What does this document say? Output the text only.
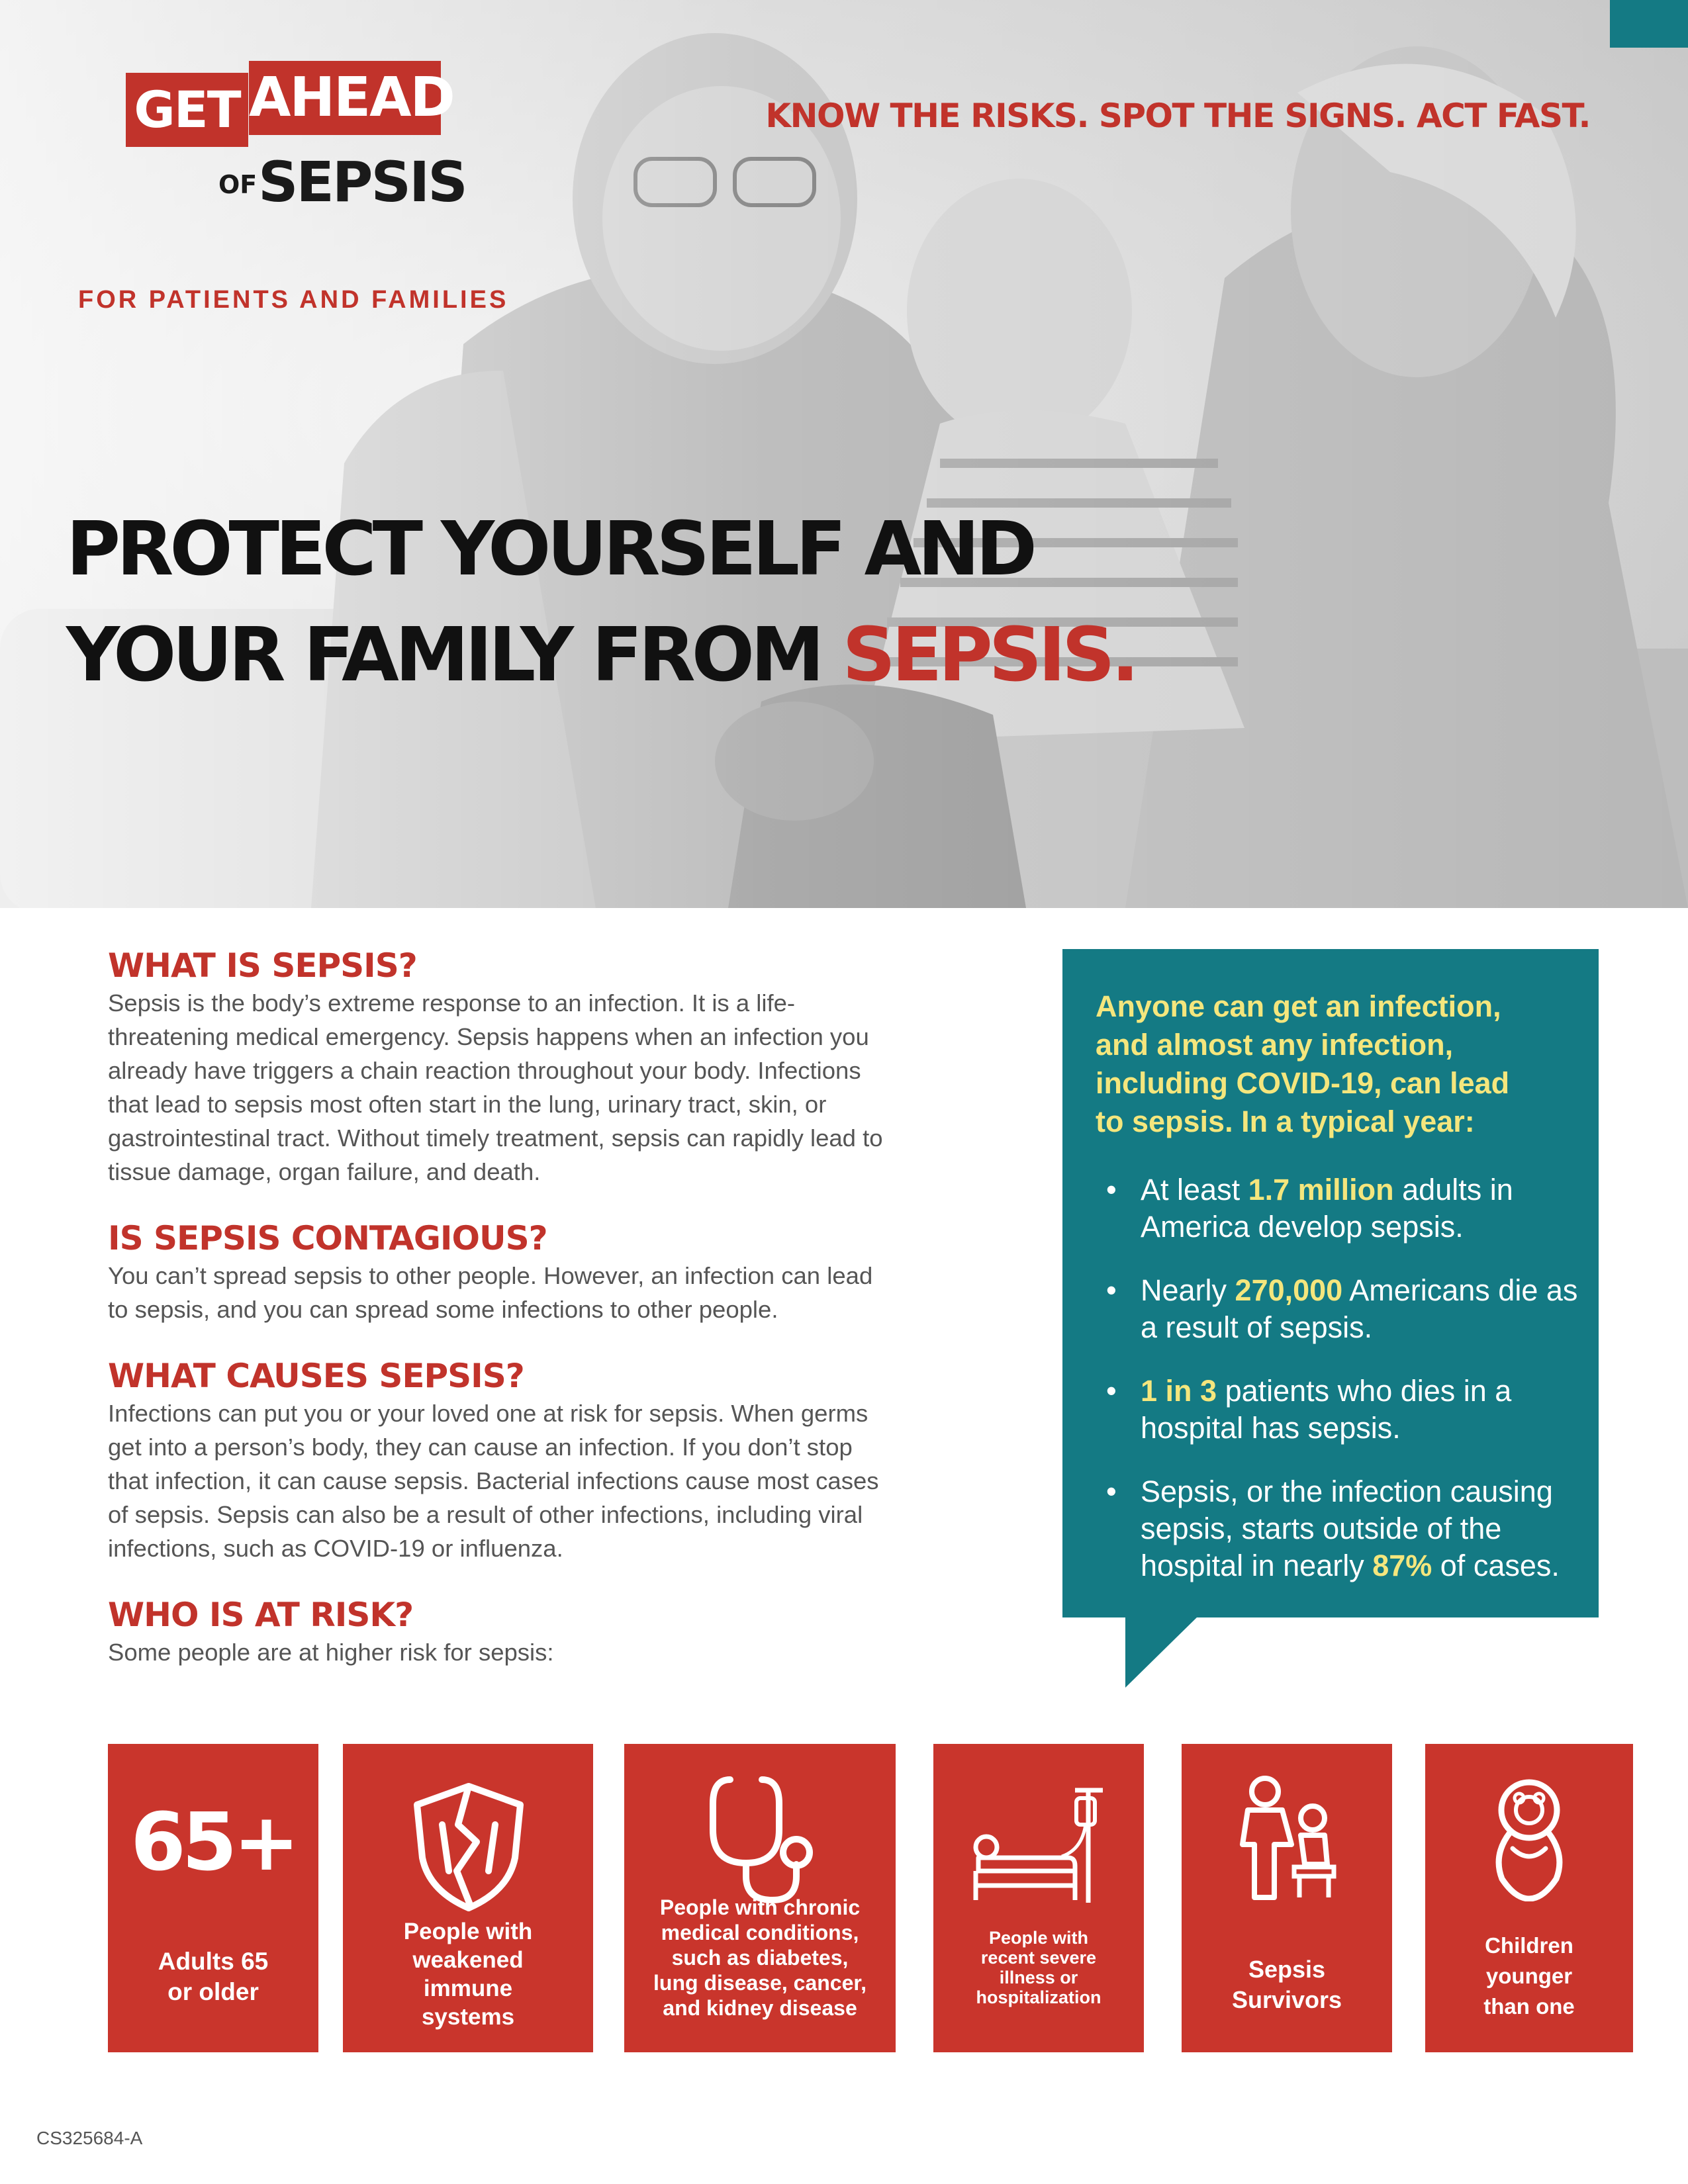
GET AHEAD
OF SEPSIS
KNOW THE RISKS. SPOT THE SIGNS. ACT FAST.
FOR PATIENTS AND FAMILIES
PROTECT YOURSELF AND
YOUR FAMILY FROM SEPSIS.
WHAT IS SEPSIS?

Sepsis is the body’s extreme response to an infection. It is a life-
threatening medical emergency. Sepsis happens when an infection you
already have triggers a chain reaction throughout your body. Infections
that lead to sepsis most often start in the lung, urinary tract, skin, or
gastrointestinal tract. Without timely treatment, sepsis can rapidly lead to
tissue damage, organ failure, and death.

IS SEPSIS CONTAGIOUS?

You can’t spread sepsis to other people. However, an infection can lead
to sepsis, and you can spread some infections to other people.

WHAT CAUSES SEPSIS?

Infections can put you or your loved one at risk for sepsis. When germs
get into a person’s body, they can cause an infection. If you don’t stop
that infection, it can cause sepsis. Bacterial infections cause most cases
of sepsis. Sepsis can also be a result of other infections, including viral
infections, such as COVID-19 or influenza.

WHO IS AT RISK?

Some people are at higher risk for sepsis:

Anyone can get an infection,
and almost any infection,
including COVID-19, can lead
to sepsis. In a typical year:
• At least 1.7 million adults in America develop sepsis.
• Nearly 270,000 Americans die as a result of sepsis.
• 1 in 3 patients who dies in a hospital has sepsis.
• Sepsis, or the infection causing sepsis, starts outside of the hospital in nearly 87% of cases.
65+
Adults 65
or older
People with
weakened
immune
systems
People with chronic
medical conditions,
such as diabetes,
lung disease, cancer,
and kidney disease
People with
recent severe
illness or
hospitalization
Sepsis
Survivors
Children
younger
than one
CS325684-A
